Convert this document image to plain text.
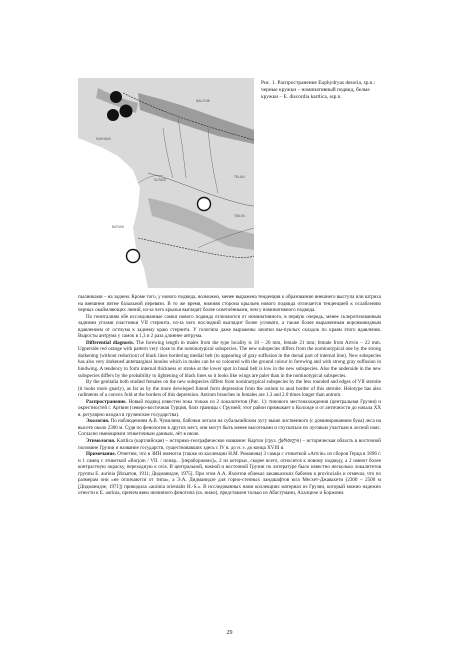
NALCHIK
SUKHUMI
KUTAISI
BATUMI
TBILISI
TELAVI
Рис. 1. Распространение Euphydryas desoria, sp.n.: черные кружки – номинативный подвид, белые кружки – E. discordia kartlica, ssp.n.

пылинками – на заднем. Кроме того, у нового подвида, возможно, менее выражена тенденция к образованию внешнего выступа или штриха на внешнем пятне базальной перевязи. В то же время, нижняя сторона крыльев нового подвида отличается тенденцией к ослаблению черных окаймляющих линий, из-за чего крылья выглядят более осветлёнными, чем у номинативного подвида.

По гениталиям обе исследованные самки нового подвида отличаются от номинативного, в первую очередь, менее склеротизованным задними углами пластинки VII стернита, из-за чего последний выглядит более угловато, а также более выраженным воронковидным вдавлением от остиума к заднему краю стернита. У гологипа даже выражены зачатки вы-пуклых складок по краям этого вдавления. Выросты антрума у самок в 1,3 и 2 раза длиннее антрума.

Differential diagnosis. The forewing length in males from the type locality is 18 – 20 mm, female 21 mm; female from Artvin – 22 mm. Upperside red orange with pattern very close to the nominotypical subspecies. The new subspecies differs from the nominotypical one by the strong darkening (without reduction) of black lines bordering medial belt (to appearing of gray suffusion in the dorsal part of internal line). New subspecies has also very darkened antemarginal lunules which in males can be so coloured with the ground colour in forewing and with strong gray suffusion in hindwing. A tendency to form internal thickness or stroke at the lower spot in basal belt is low in the new subspecies. Also the underside in the new subspecies differs by the probability to lightening of black lines so it looks like wings are paler than in the nominotypical subspecies.

By the genitalia both studied females on the new subspecies differs from nominotypical subspecies by the less rounded and edges of VII sternite (it looks more gnarly), as far as by the more developed funnel form depression from the ostium to anal border of this sternite. Holotype has also rudiments of a convex fold at the borders of this depression. Antrum branches in females are 1.3 and 2.0 times longer than antrum.

Распространение. Новый подвид известен пока только из 2 локалитетов (Рис. 1): типового местонахождения (центральная Грузия) и окрестностей г. Артвин (северо-восточная Турция, близ границы с Грузией; этот район примыкает к Колхиде и от античности до начала XX в. регулярно входил в грузинские государства).

Экология. По наблюдениям А.В. Чувилина, бабочки летали на субальпийском лугу выше лиственного (с доминированием бука) леса на высоте около 2300 м. Судя по фенологии в других мест, они могут быть менее высотными и спускаться по луговым участкам в лесной пояс. Согласно имеющимся этикеточным данным, лёт в июле.

Этимология. Kartlica (картлийская) – историко-географическое название: Картли (груз. ქართლი) – историческая область в восточной половине Грузии и название государств, существовавших здесь с IV в. до н. э. до конца XVIII в.

Примечание. Отметим, что в ЗИН имеются (также из коллекции Н.М. Романова) 3 самца с этикеткой «Artvin» из сборов Герца в 1896 г. и 1 самец с этикеткой «Borjom / VII. / попар... [нераборжомо]», 2 из которых, скорее всего, относятся к новому подвиду, а 2 имеют более контрастную окраску, переходную к ovis. В центральной, южной и восточной Грузии по литературе было известно несколько локалитетов группы E. aurinia [Ильятов, 1911; Дидманидзе, 1975]. При этом А.А. Яхонтов облекал закавказских бабочек к provincialis и отмечал, что по размерам они «не отличаются от типа», а Э.А. Дидманидзе для горно-степных ландшафтов юга Месхет-Джавахети (2300 – 2500 м [Дидманидзе, 1971]) приводила «aurinia orientalis Н.-S.». В исследованных нами коллекциях материал из Грузии, который можно надежно отнести к E. aurinia, причем явно низинного фенотипа (sn. ниже), представлен только из Абастумани, Ахалцихе и Боржоми.

29
